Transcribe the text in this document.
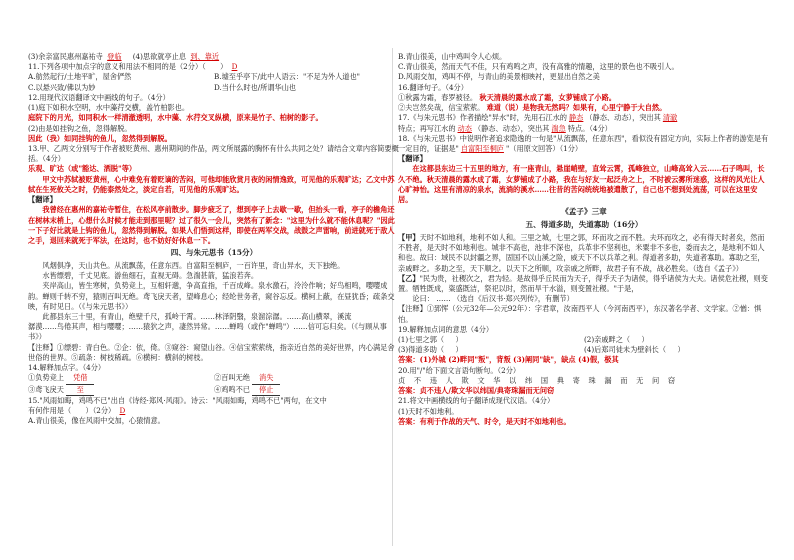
(3)余亲富民惠州嘉祐寺 登临 (4)思欲就亭止息 到、靠近

11.下列各项中加点字的意义和用法不相同的是（2分）（　　） D

A.舫然起行/土地平旷，屋舍俨然	B.墟至乎亭下/此中人语云："不足为外人道也"
C.以悬兴致/佛以为妙	D.当什么时也/所谓华山也

12.用现代汉语翻译文中画线的句子。（4分）

(1)庭下如积水空明，水中藻荇交横，盖竹柏影也。

庭院下的月光，如同积水一样清澈透明，水中藻、水荇交叉纵横，原来是竹子、柏树的影子。

(2)由是如挂钩之鱼，忽得解脱。

因此（我）如同挂钩的鱼儿，忽然得到解脱。

13.甲、乙两文分别写于作者被贬黄州、惠州期间的作品，两文所展露的胸怀有什么共同之处？请结合文章内容简要概括。（4分）

乐观、旷达（或"豁达、洒脱"等）

甲文中苏轼被贬黄州，心中难免有着贬谪的苦闷，可他却能欣赏月夜的闲情逸致，可见他的乐观旷达；乙文中苏轼在生死攸关之时，仍能泰然处之，淡定自若，可见他的乐观旷达。

【翻译】

我曾经在惠州的嘉祐寺暂住，在松风亭前散步。脚步疲乏了，想到亭子上去歇一歇，但抬头一看，亭子的檐角还在树林末梢上，心想什么时候才能走到那里呢？过了很久一会儿，突然有了新念："这里为什么就不能休息呢？"因此一下子好比就是上钩的鱼儿，忽然得到解脱。如果人们悟到这样，即使在两军交战，战鼓之声雷响，前进就死于敌人之手，退回来就死于军法，在这时，也不妨好好休息一下。

四、与朱元思书（15分）

风烟俱净，天山共色。从流飘荡，任意东西。自富阳至桐庐，一百许里，奇山异水，天下独绝。

水皆缥碧，千丈见底。游鱼细石，直视无碍。急湍甚箭，猛浪若奔。

夹岸高山，皆生寒树，负势竞上，互相轩邈，争高直指，千百成峰。泉水激石，泠泠作响；好鸟相鸣，嘤嘤成韵。蝉则千转不穷，猿则百叫无绝。鸢飞戾天者，望峰息心；经纶世务者，窥谷忘反。横柯上蔽，在昼犹昏；疏条交映，有时见日。（《与朱元思书》）

此都县东三十里，有青山，绝壁千尺，孤岭干霄。……林泽阴翳，泉溜淙潺。……高山横翠，溪流

潺漠……鸟倦其声，相与嘤嘤；……猿狖之声，凄然异常。……蝉鸣（或作"蝉鸣"）……信可忘归矣。（《与顾从事书》）

【注释】①缥碧：青白色。②企：依，倚。③窥谷：窥望山谷。④信宝萦萦绕，指亲近自然的美好世界，内心满足舍世俗的世界。⑤疏条：树枝稀疏。⑥横柯：横斜的树枝。

14.解释加点字。（4分）

①负势竞上 凭借	②百叫无绝 消失
③鸢飞戾天 至	④鸡鸣不已 停止

15."风雨如晦，鸡鸣不已"出自《诗经·郑风·风雨》。诗云："风雨如晦，鸡鸣不已"两句，在文中

有何作用是（　　）（2分） D

A.青山很美，像在风雨中交加，心猿情意。

B.青山很美，山中鸡叫令人心烦。

C.青山很美，然而天气不佳，只有鸡鸣之声，没有高雅的情趣，这里的景色也不吸引人。

D.风雨交加，鸡叫不停，与青山的美景相映衬，更显出自然之美

16.翻译句子。（4分）

①秋露为霜，春罗被径。 秋天清晨的露水成了霜，女萝铺成了小路。

②夫岂然矣哉，信宝萦萦。 难道（说）是物我无然吗？如果有，心里宁静于大自然。

17.《与朱元思书》作者描绘"异水"时，先用石江水的 静态 （静态、动态），突出其 清澈

特点；再写江水的 动态 （静态、动态），突出其 湍急 特点。（4分）

18.《与朱元思书》中说明作者追求隐逸的一句是"从流飘荡，任意东西"，看似没有固定方向，实际上作者的游览是有一定目的，证据是" 自富阳至桐庐 "（用原文回答）（1分）

【翻译】

在这都县东边三十五里的地方，有一座青山，悬崖峭壁，直耸云霄，孤峰独立，山峰高耸入云……石子鸣叫，长久不绝。秋天清晨的露水成了霜，女萝铺成了小路，我在与好友一起泛舟之上，不时被云雾所迷惑，这样的风光让人心旷神怡。这里有清凉的泉水，流淌的溪水……往昔的苦闷统统地被遣散了，自己也不想到处流荡，可以在这里安居。

《孟子》三章

五、得道多助，失道寡助（16分）

【甲】天时不如地利，地利不如人和。三里之城，七里之郭，环而攻之而不胜。夫环而攻之，必有得天时者矣，然而不胜者，是天时不如地利也。城非不高也，池非不深也，兵革非不坚利也，米粟非不多也，委而去之，是地利不如人和也。故曰：域民不以封疆之界，固国不以山溪之险，威天下不以兵革之利。得道者多助，失道者寡助。寡助之至，亲戚畔之。多助之至，天下顺之。以天下之所顺，攻亲戚之所畔，故君子有不战，战必胜矣。（选自《孟子》）

【乙】"民为贵，社稷次之，君为轻。是故得乎丘民而为天子，得乎天子为诸侯，得乎诸侯为大夫。诸侯危社稷，则变置。牺牲既成，粢盛既洁，祭祀以时，然而旱干水溢，则变置社稷。"于是，

论曰： …… （选自《后汉书·郑兴列传》，有删节）

【注释】①郅恽（公元32年—公元92年）：字君章，汝南西平人（今河南西平），东汉著名学者、文学家。②㥢：惧怕。

19.解释加点词的意思（4分）

(1)七里之郭（     ）	(2)亲戚畔之（     ）
(3)得道多助（     ）	(4)后郑司徒未为壁斜长（     ）

答案：(1)外城 (2)畔同"叛"，背叛 (3)阐同"缺"，缺点 (4)假，极其

20.用"/"给下面文言语句断句。（2分）

贞 不 违 人 欺 文 华 以 纬 国 典 寄 珠 漏 而 无 问 窃

答案：贞不违人/欺文华以纬国/典寄珠漏而无问窃

21.将文中画横线的句子翻译成现代汉语。（4分）

(1)天时不如地利。

答案：有利于作战的天气、时令，是天时不如地利也。
